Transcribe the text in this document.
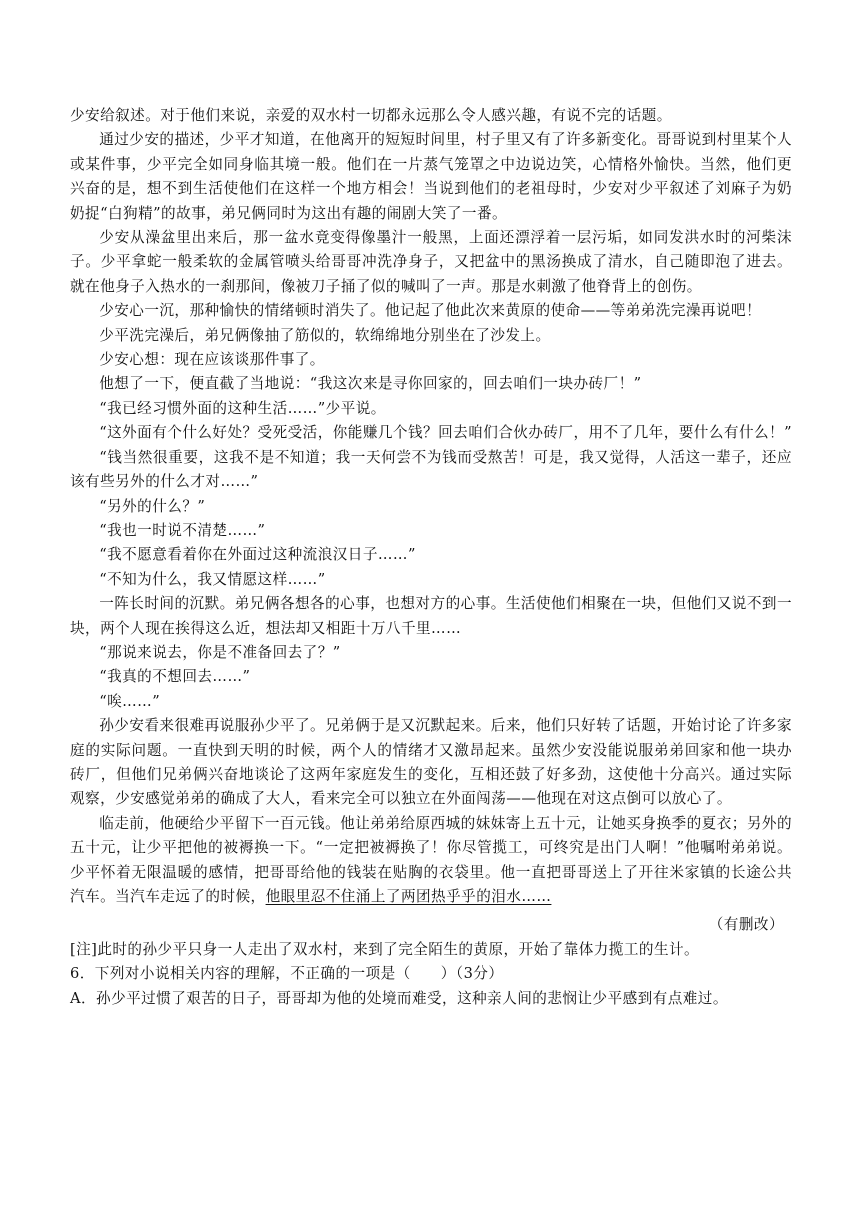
少安给叙述。对于他们来说，亲爱的双水村一切都永远那么令人感兴趣，有说不完的话题。

通过少安的描述，少平才知道，在他离开的短短时间里，村子里又有了许多新变化。哥哥说到村里某个人或某件事，少平完全如同身临其境一般。他们在一片蒸气笼罩之中边说边笑，心情格外愉快。当然，他们更兴奋的是，想不到生活使他们在这样一个地方相会！当说到他们的老祖母时，少安对少平叙述了刘麻子为奶奶捉“白狗精”的故事，弟兄俩同时为这出有趣的闹剧大笑了一番。

少安从澡盆里出来后，那一盆水竟变得像墨汁一般黑，上面还漂浮着一层污垢，如同发洪水时的河柴沫子。少平拿蛇一般柔软的金属管喷头给哥哥冲洗净身子，又把盆中的黑汤换成了清水，自己随即泡了进去。就在他身子入热水的一刹那间，像被刀子捅了似的喊叫了一声。那是水刺激了他脊背上的创伤。

少安心一沉，那种愉快的情绪顿时消失了。他记起了他此次来黄原的使命——等弟弟洗完澡再说吧！

少平洗完澡后，弟兄俩像抽了筋似的，软绵绵地分别坐在了沙发上。

少安心想：现在应该谈那件事了。

他想了一下，便直截了当地说：“我这次来是寻你回家的，回去咱们一块办砖厂！”

“我已经习惯外面的这种生活……”少平说。

“这外面有个什么好处？受死受活，你能赚几个钱？回去咱们合伙办砖厂，用不了几年，要什么有什么！”

“钱当然很重要，这我不是不知道；我一天何尝不为钱而受熬苦！可是，我又觉得，人活这一辈子，还应该有些另外的什么才对……”

“另外的什么？”

“我也一时说不清楚……”

“我不愿意看着你在外面过这种流浪汉日子……”

“不知为什么，我又情愿这样……”

一阵长时间的沉默。弟兄俩各想各的心事，也想对方的心事。生活使他们相聚在一块，但他们又说不到一块，两个人现在挨得这么近，想法却又相距十万八千里……

“那说来说去，你是不准备回去了？”

“我真的不想回去……”

“唉……”

孙少安看来很难再说服孙少平了。兄弟俩于是又沉默起来。后来，他们只好转了话题，开始讨论了许多家庭的实际问题。一直快到天明的时候，两个人的情绪才又激昂起来。虽然少安没能说服弟弟回家和他一块办砖厂，但他们兄弟俩兴奋地谈论了这两年家庭发生的变化，互相还鼓了好多劲，这使他十分高兴。通过实际观察，少安感觉弟弟的确成了大人，看来完全可以独立在外面闯荡——他现在对这点倒可以放心了。

临走前，他硬给少平留下一百元钱。他让弟弟给原西城的妹妹寄上五十元，让她买身换季的夏衣；另外的五十元，让少平把他的被褥换一下。“一定把被褥换了！你尽管揽工，可终究是出门人啊！”他嘱咐弟弟说。少平怀着无限温暖的感情，把哥哥给他的钱装在贴胸的衣袋里。他一直把哥哥送上了开往米家镇的长途公共汽车。当汽车走远了的时候，他眼里忍不住涌上了两团热乎乎的泪水……

（有删改）

[注]此时的孙少平只身一人走出了双水村，来到了完全陌生的黄原，开始了靠体力揽工的生计。

6．下列对小说相关内容的理解，不正确的一项是（　　）（3分）

A．孙少平过惯了艰苦的日子，哥哥却为他的处境而难受，这种亲人间的悲悯让少平感到有点难过。
